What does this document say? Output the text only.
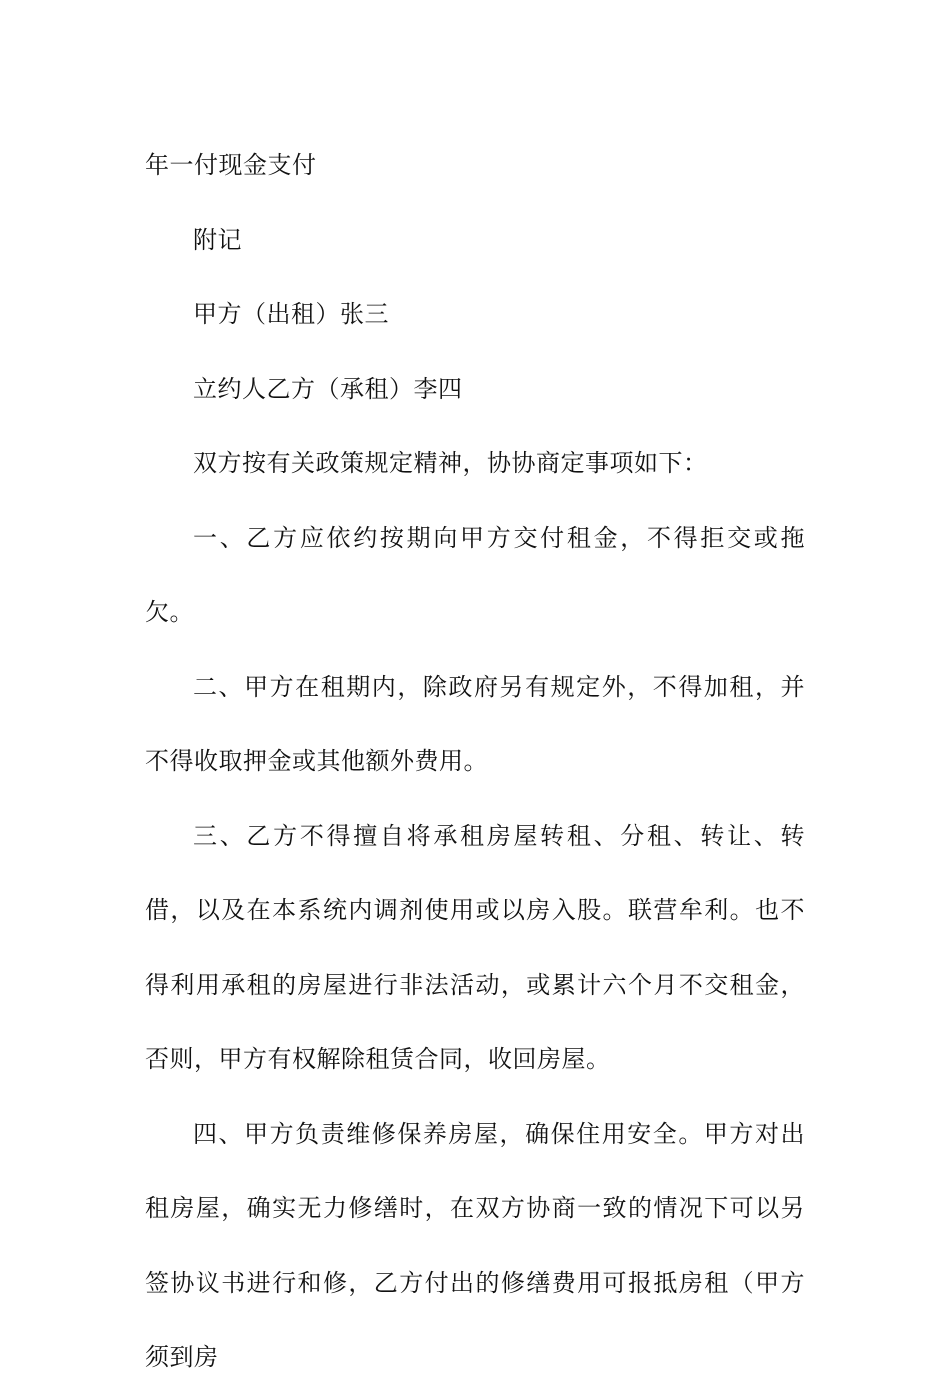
年一付现金支付

附记

甲方（出租）张三

立约人乙方（承租）李四

双方按有关政策规定精神，协协商定事项如下：

一、乙方应依约按期向甲方交付租金，不得拒交或拖欠。

二、甲方在租期内，除政府另有规定外，不得加租，并不得收取押金或其他额外费用。

三、乙方不得擅自将承租房屋转租、分租、转让、转借，以及在本系统内调剂使用或以房入股。联营牟利。也不得利用承租的房屋进行非法活动，或累计六个月不交租金，否则，甲方有权解除租赁合同，收回房屋。

四、甲方负责维修保养房屋，确保住用安全。甲方对出租房屋，确实无力修缮时，在双方协商一致的情况下可以另签协议书进行和修，乙方付出的修缮费用可报抵房租（甲方须到房
